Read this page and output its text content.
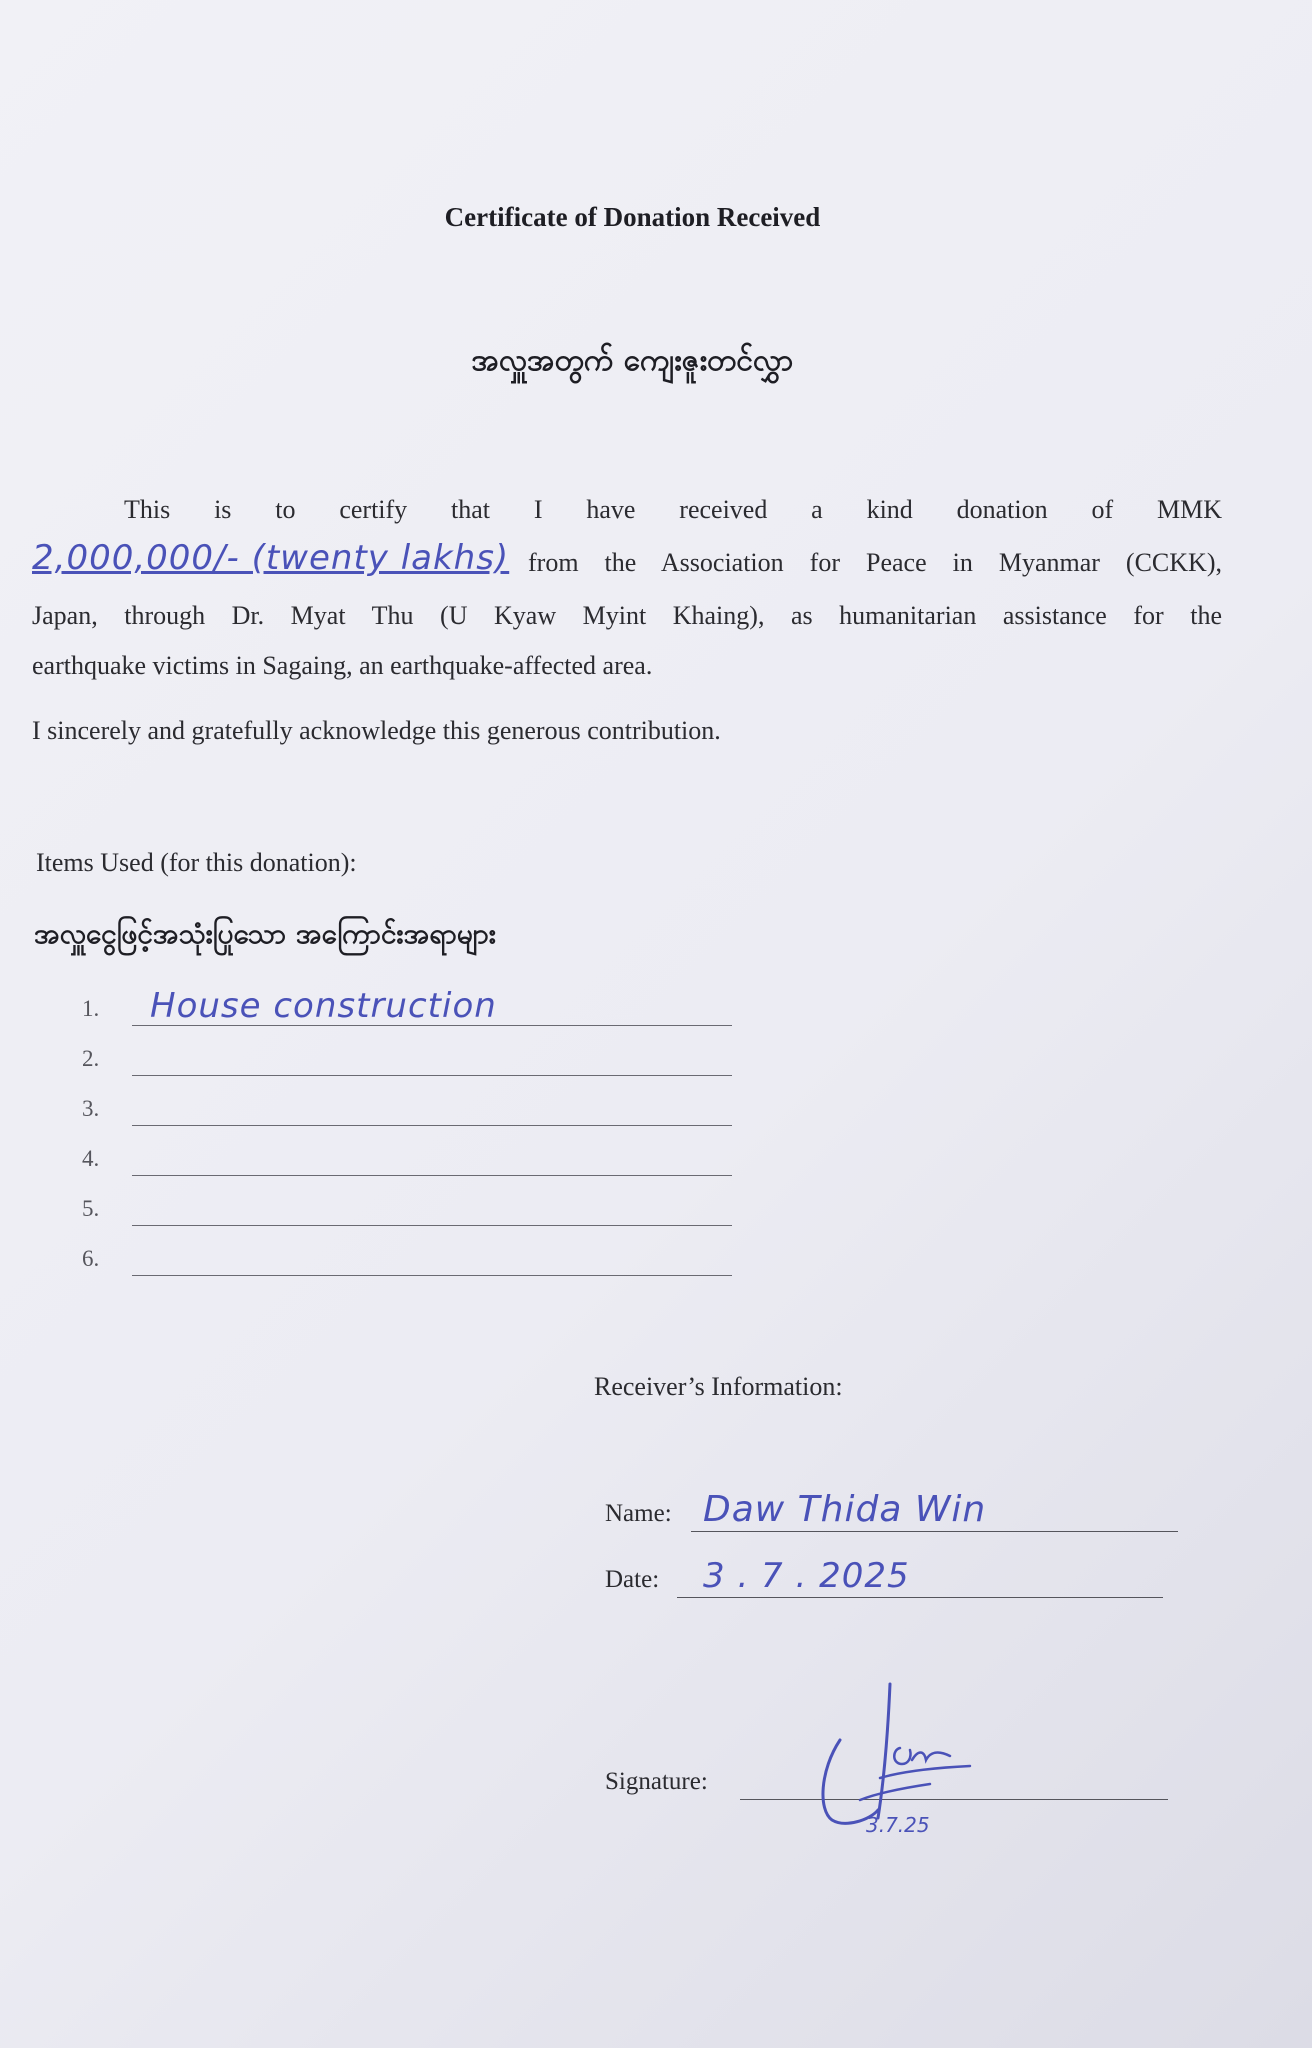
Certificate of Donation Received
အလှူအတွက် ကျေးဇူးတင်လွှာ
This is to certify that I have received a kind donation of MMK
2,000,000/- (twenty lakhs) from the Association for Peace in Myanmar (CCKK),
Japan, through Dr. Myat Thu (U Kyaw Myint Khaing), as humanitarian assistance for the
earthquake victims in Sagaing, an earthquake-affected area.
I sincerely and gratefully acknowledge this generous contribution.
Items Used (for this donation):
အလှူငွေဖြင့်အသုံးပြုသော အကြောင်းအရာများ
1. House construction
2.
3.
4.
5.
6.
Receiver’s Information:
Name: Daw Thida Win
Date: 3 . 7 . 2025
Signature:
3.7.25
